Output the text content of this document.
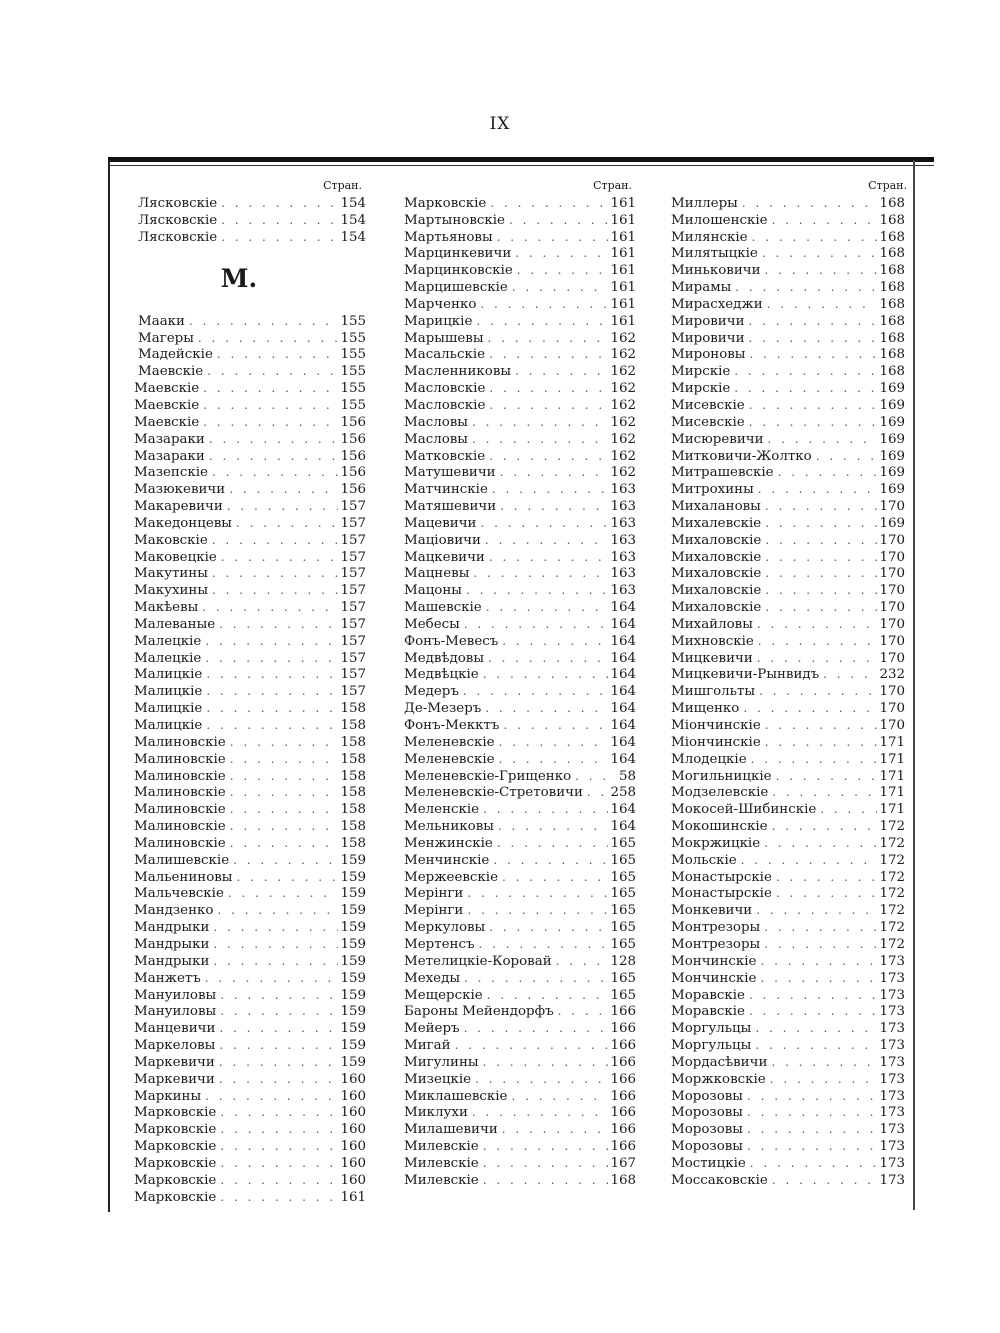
IX
Стран.
Лясковскіе . . .	154
Лясковскіе . . .	154
Лясковскіе . . .	154
М.
Мааки . . .	155
Магеры . . .	155
Мадейскіе . . .	155
Маевскіе . . .	155
Маевскіе . . .	155
Маевскіе . . .	155
Маевскіе . . .	156
Мазараки . . .	156
Мазараки . . .	156
Мазепскіе . . .	156
Мазюкевичи . . .	156
Макаревичи . . .	157
Македонцевы . . .	157
Маковскіе . . .	157
Маковецкіе . . .	157
Макутины . . .	157
Макухины . . .	157
Макѣевы . . .	157
Малеваные . . .	157
Малецкіе . . .	157
Малецкіе . . .	157
Малицкіе . . .	157
Малицкіе . . .	157
Малицкіе . . .	158
Малицкіе . . .	158
Малиновскіе . . .	158
Малиновскіе . . .	158
Малиновскіе . . .	158
Малиновскіе . . .	158
Малиновскіе . . .	158
Малиновскіе . . .	158
Малиновскіе . . .	158
Малишевскіе . . .	159
Мальениновы . . .	159
Мальчевскіе . . .	159
Мандзенко . . .	159
Мандрыки . . .	159
Мандрыки . . .	159
Мандрыки . . .	159
Манжетъ . . .	159
Мануиловы . . .	159
Мануиловы . . .	159
Манцевичи . . .	159
Маркеловы . . .	159
Маркевичи . . .	159
Маркевичи . . .	160
Маркины . . .	160
Марковскіе . . .	160
Марковскіе . . .	160
Марковскіе . . .	160
Марковскіе . . .	160
Марковскіе . . .	160
Марковскіе . . .	161
Стран.
Марковскіе . . .	161
Мартыновскіе . . .	161
Мартьяновы . . .	161
Марцинкевичи . . .	161
Марцинковскіе . . .	161
Марцишевскіе . . .	161
Марченко . . .	161
Марицкіе . . .	161
Марышевы . . .	162
Масальскіе . . .	162
Масленниковы . . .	162
Масловскіе . . .	162
Масловскіе . . .	162
Масловы . . .	162
Масловы . . .	162
Матковскіе . . .	162
Матушевичи . . .	162
Матчинскіе . . .	163
Матяшевичи . . .	163
Мацевичи . . .	163
Маціовичи . . .	163
Мацкевичи . . .	163
Мацневы . . .	163
Мацоны . . .	163
Машевскіе . . .	164
Мебесы . . .	164
Фонъ-Мевесъ . . .	164
Медвѣдовы . . .	164
Медвѣцкіе . . .	164
Медеръ . . .	164
Де-Мезеръ . . .	164
Фонъ-Мекктъ . . .	164
Меленевскіе . . .	164
Меленевскіе . . .	164
Меленевскіе-Грищенко . . .	58
Меленевскіе-Стретовичи . . . 258
Меленскіе . . .	164
Мельниковы . . .	164
Менжинскіе . . .	165
Менчинскіе . . .	165
Мержеевскіе . . .	165
Мерінги . . .	165
Мерінги . . .	165
Меркуловы . . .	165
Мертенсъ . . .	165
Метелицкіе-Коровай . . .	128
Мехеды . . .	165
Мещерскіе . . .	165
Бароны Мейендорфъ . . .	166
Мейеръ . . .	166
Мигай . . .	166
Мигулины . . .	166
Мизецкіе . . .	166
Миклашевскіе . . .	166
Миклухи . . .	166
Милашевичи . . .	166
Милевскіе . . .	166
Милевскіе . . .	167
Милевскіе . . .	168
Стран.
Миллеры . . .	168
Милошенскіе . . .	168
Милянскіе . . .	168
Милятыцкіе . . .	168
Миньковичи . . .	168
Мирамы . . .	168
Мирасхеджи . . .	168
Мировичи . . .	168
Мировичи . . .	168
Мироновы . . .	168
Мирскіе . . .	168
Мирскіе . . .	169
Мисевскіе . . .	169
Мисевскіе . . .	169
Мисюревичи . . .	169
Митковичи-Жолтко . . .	169
Митрашевскіе . . .	169
Митрохины . . .	169
Михалановы . . .	170
Михалевскіе . . .	169
Михаловскіе . . .	170
Михаловскіе . . .	170
Михаловскіе . . .	170
Михаловскіе . . .	170
Михаловскіе . . .	170
Михайловы . . .	170
Михновскіе . . .	170
Мицкевичи . . .	170
Мицкевичи-Рынвидъ . . .	232
Мишгольты . . .	170
Мищенко . . .	170
Міончинскіе . . .	170
Міончинскіе . . .	171
Млодецкіе . . .	171
Могильницкіе . . .	171
Модзелевскіе . . .	171
Мокосей-Шибинскіе . . .	171
Мокошинскіе . . .	172
Мокржицкіе . . .	172
Мольскіе . . .	172
Монастырскіе . . .	172
Монастырскіе . . .	172
Монкевичи . . .	172
Монтрезоры . . .	172
Монтрезоры . . .	172
Мончинскіе . . .	173
Мончинскіе . . .	173
Моравскіе . . .	173
Моравскіе . . .	173
Моргульцы . . .	173
Моргульцы . . .	173
Мордасѣвичи . . .	173
Моржковскіе . . .	173
Морозовы . . .	173
Морозовы . . .	173
Морозовы . . .	173
Морозовы . . .	173
Мостицкіе . . .	173
Моссаковскіе . . .	173
